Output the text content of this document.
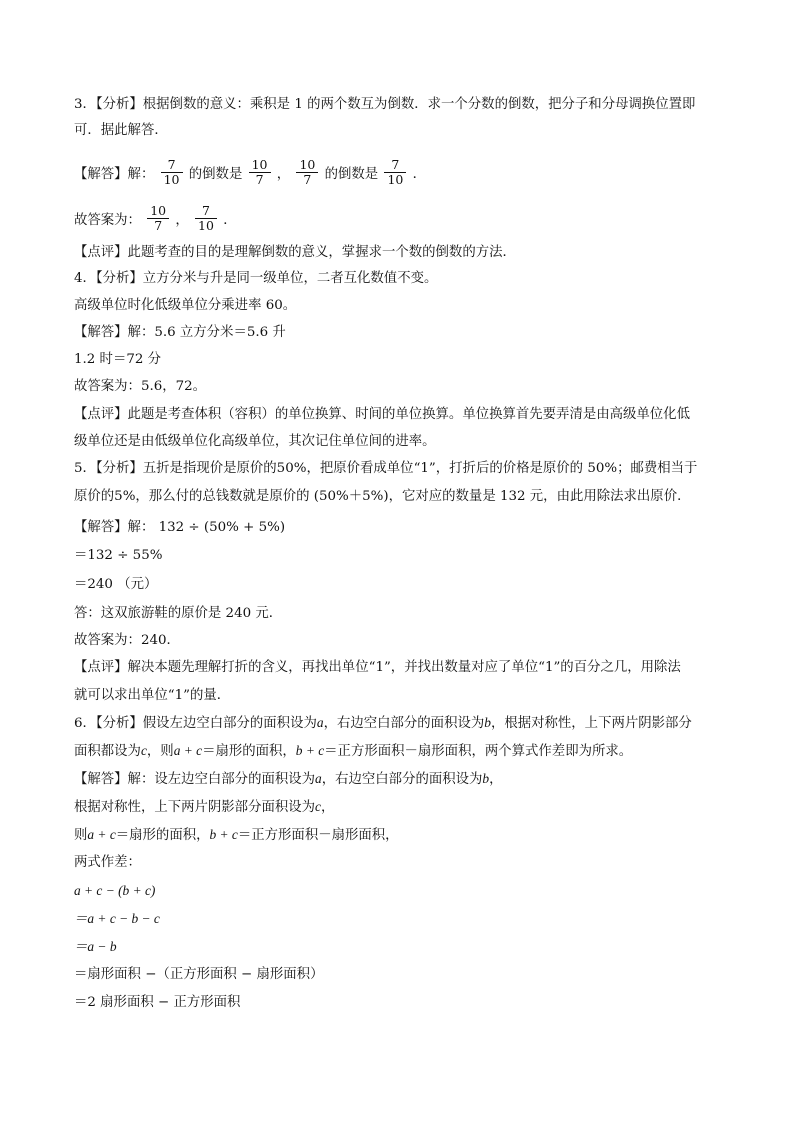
3．【分析】根据倒数的意义：乘积是 1 的两个数互为倒数．求一个分数的倒数，把分子和分母调换位置即
可．据此解答．
【解答】解： $\frac{7}{10}$ 的倒数是 $\frac{10}{7}$ ， $\frac{10}{7}$ 的倒数是 $\frac{7}{10}$ ．
故答案为： $\frac{10}{7}$ ， $\frac{7}{10}$ ．
【点评】此题考查的目的是理解倒数的意义，掌握求一个数的倒数的方法．
4．【分析】立方分米与升是同一级单位，二者互化数值不变。
高级单位时化低级单位分乘进率 60。
【解答】解：5.6 立方分米＝5.6 升
1.2 时＝72 分
故答案为：5.6，72。
【点评】此题是考查体积（容积）的单位换算、时间的单位换算。单位换算首先要弄清是由高级单位化低
级单位还是由低级单位化高级单位，其次记住单位间的进率。
5．【分析】五折是指现价是原价的50%，把原价看成单位“1”，打折后的价格是原价的 50%；邮费相当于
原价的5%，那么付的总钱数就是原价的 (50%＋5%)，它对应的数量是 132 元，由此用除法求出原价．
【解答】解： 132 ÷ (50% + 5%)
＝132 ÷ 55%
＝240 （元）
答：这双旅游鞋的原价是 240 元．
故答案为：240．
【点评】解决本题先理解打折的含义，再找出单位“1”，并找出数量对应了单位“1”的百分之几，用除法
就可以求出单位“1”的量．
6．【分析】假设左边空白部分的面积设为a，右边空白部分的面积设为b，根据对称性，上下两片阴影部分
面积都设为c，则a + c＝扇形的面积，b + c＝正方形面积－扇形面积，两个算式作差即为所求。
【解答】解：设左边空白部分的面积设为a，右边空白部分的面积设为b，
根据对称性，上下两片阴影部分面积设为c，
则a + c＝扇形的面积，b + c＝正方形面积－扇形面积，
两式作差：
a + c − (b + c)
＝a + c − b − c
＝a − b
＝扇形面积 −（正方形面积 − 扇形面积）
＝2 扇形面积 − 正方形面积
